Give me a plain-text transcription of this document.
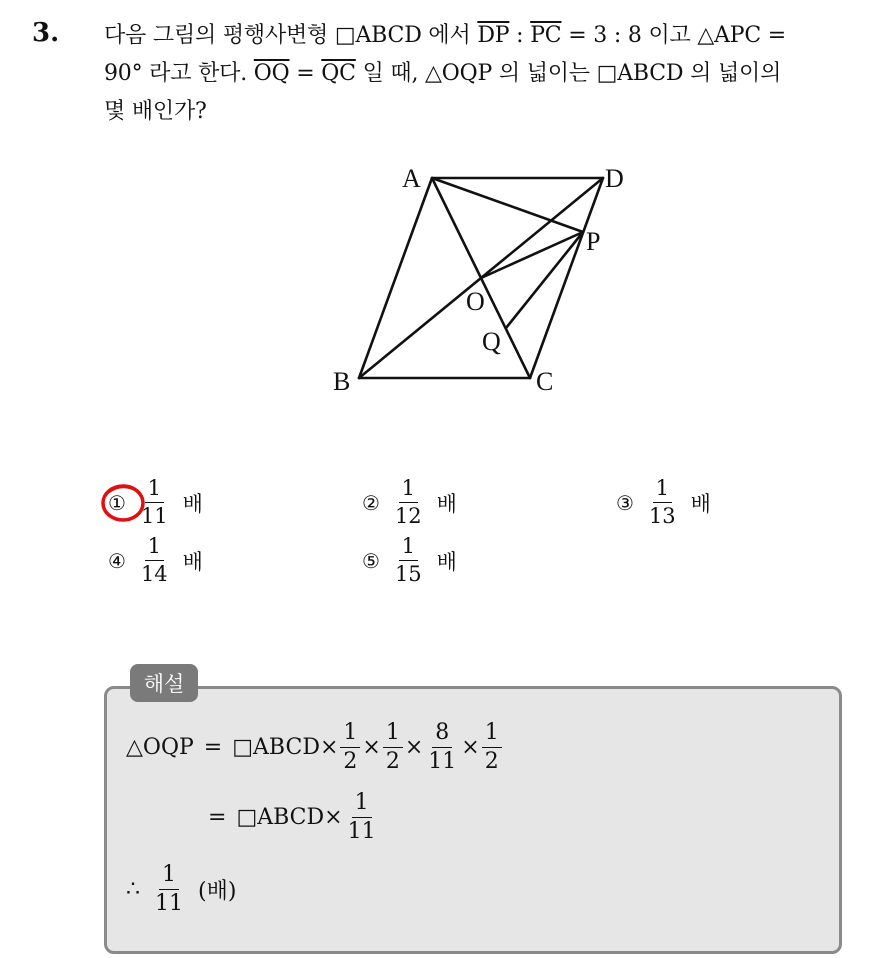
3. 다음 그림의 평행사변형 □ABCD 에서 $\overline{DP}$ : $\overline{PC} = 3$ : 8 이고 △APC =
90° 라고 한다. $\overline{OQ} = \overline{QC}$ 일 때, △OQP 의 넓이는 □ABCD 의 넓이의
몇 배인가?
A	D
P
O
Q
B	C
① $\frac{1}{11}$ 배	② $\frac{1}{12}$ 배	③ $\frac{1}{13}$ 배
④ $\frac{1}{14}$ 배	⑤ $\frac{1}{15}$ 배
해설
△OQP = □ABCD × $\frac{1}{2} \times \frac{1}{2} \times \frac{8}{11} \times \frac{1}{2}$
= □ABCD × $\frac{1}{11}$
∴ $\frac{1}{11}$ (배)
